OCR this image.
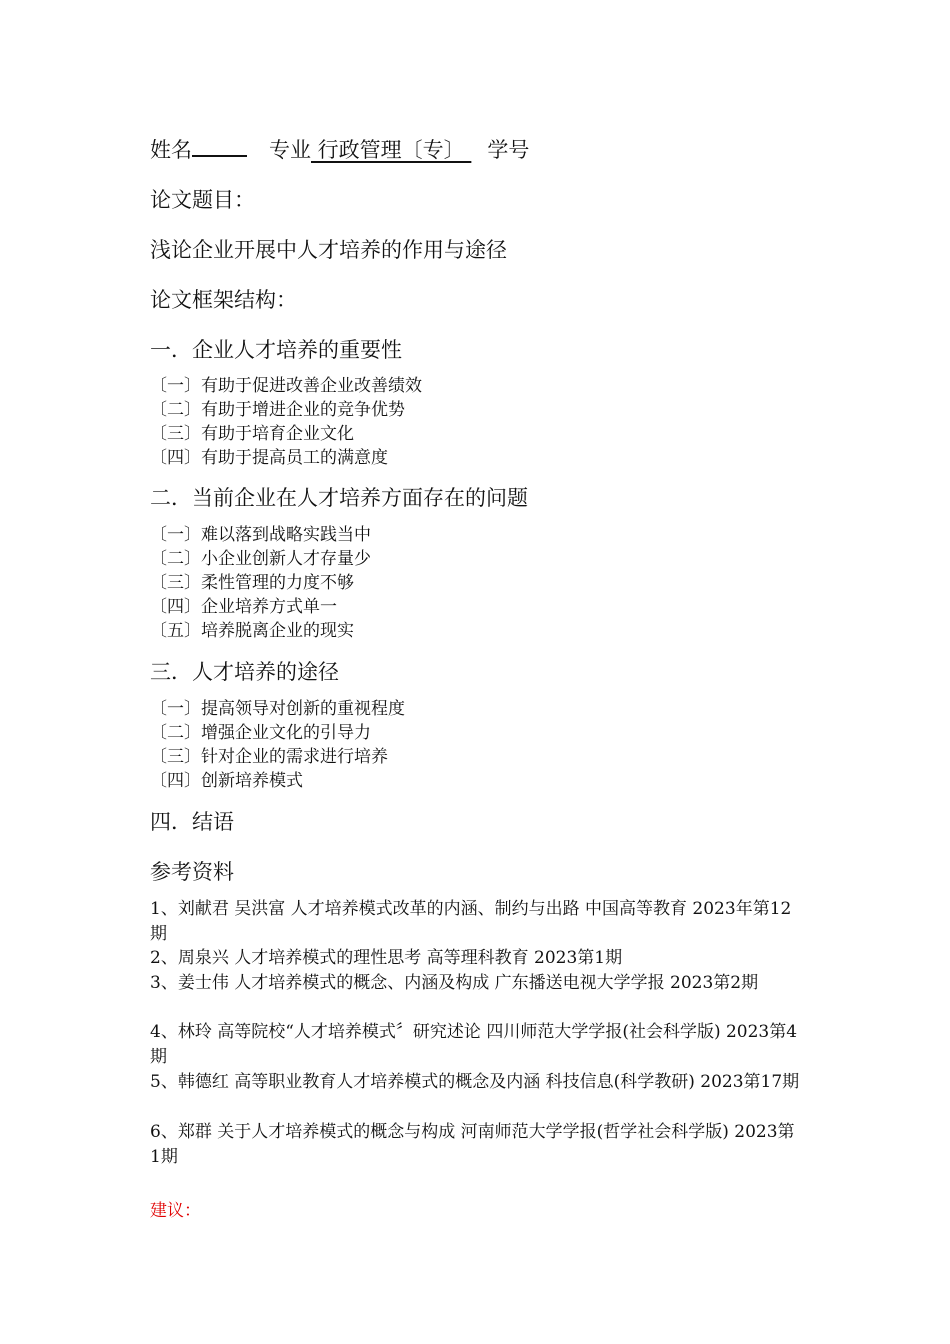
姓名	专业 行政管理〔专〕 学号
论文题目：
浅论企业开展中人才培养的作用与途径
论文框架结构：
一．企业人才培养的重要性
〔一〕有助于促进改善企业改善绩效
〔二〕有助于增进企业的竞争优势
〔三〕有助于培育企业文化
〔四〕有助于提高员工的满意度
二．当前企业在人才培养方面存在的问题
〔一〕难以落到战略实践当中
〔二〕小企业创新人才存量少
〔三〕柔性管理的力度不够
〔四〕企业培养方式单一
〔五〕培养脱离企业的现实
三．人才培养的途径
〔一〕提高领导对创新的重视程度
〔二〕增强企业文化的引导力
〔三〕针对企业的需求进行培养
〔四〕创新培养模式
四．结语
参考资料
1、刘献君 吴洪富 人才培养模式改革的内涵、制约与出路 中国高等教育 2023年第12期
2、周泉兴 人才培养模式的理性思考 高等理科教育 2023第1期
3、姜士伟 人才培养模式的概念、内涵及构成 广东播送电视大学学报 2023第2期
4、林玲 高等院校“人才培养模式〞研究述论 四川师范大学学报(社会科学版) 2023第4期
5、韩德红 高等职业教育人才培养模式的概念及内涵 科技信息(科学教研) 2023第17期
6、郑群 关于人才培养模式的概念与构成 河南师范大学学报(哲学社会科学版) 2023第1期
建议：
